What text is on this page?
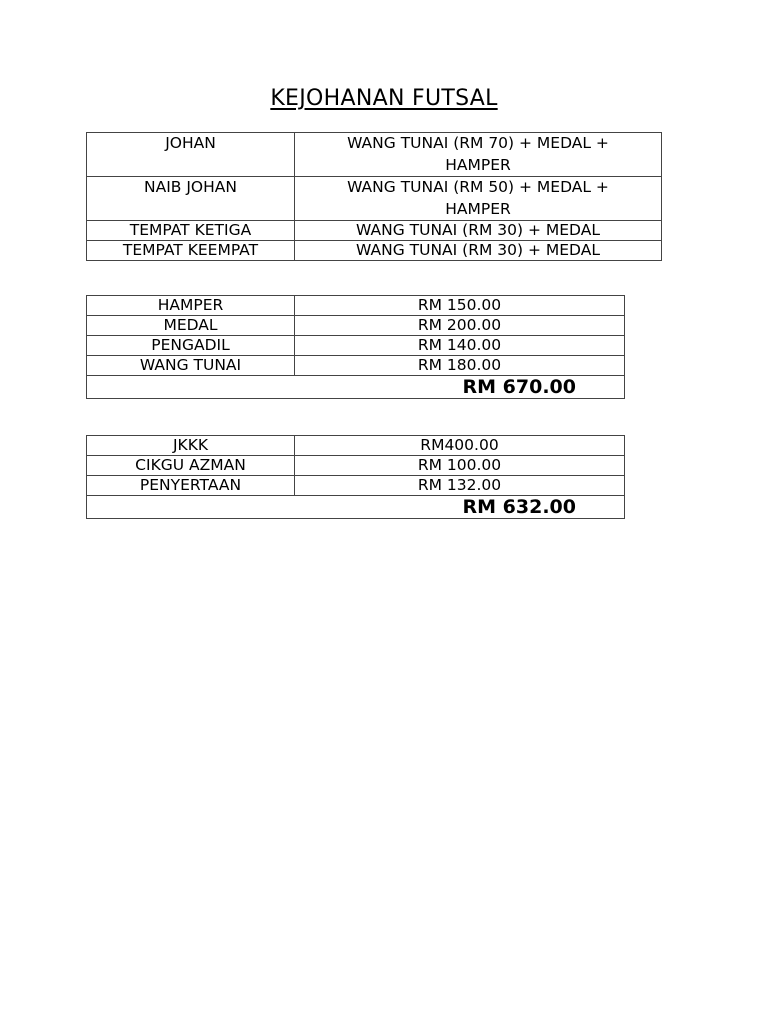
KEJOHANAN FUTSAL
JOHAN	WANG TUNAI (RM 70) + MEDAL +
HAMPER

NAIB JOHAN	WANG TUNAI (RM 50) + MEDAL +
HAMPER

TEMPAT KETIGA	WANG TUNAI (RM 30) + MEDAL
TEMPAT KEEMPAT	WANG TUNAI (RM 30) + MEDAL
HAMPER	RM 150.00
MEDAL	RM 200.00
PENGADIL	RM 140.00
WANG TUNAI	RM 180.00
RM 670.00	
JKKK	RM400.00
CIKGU AZMAN	RM 100.00
PENYERTAAN	RM 132.00
RM 632.00	
